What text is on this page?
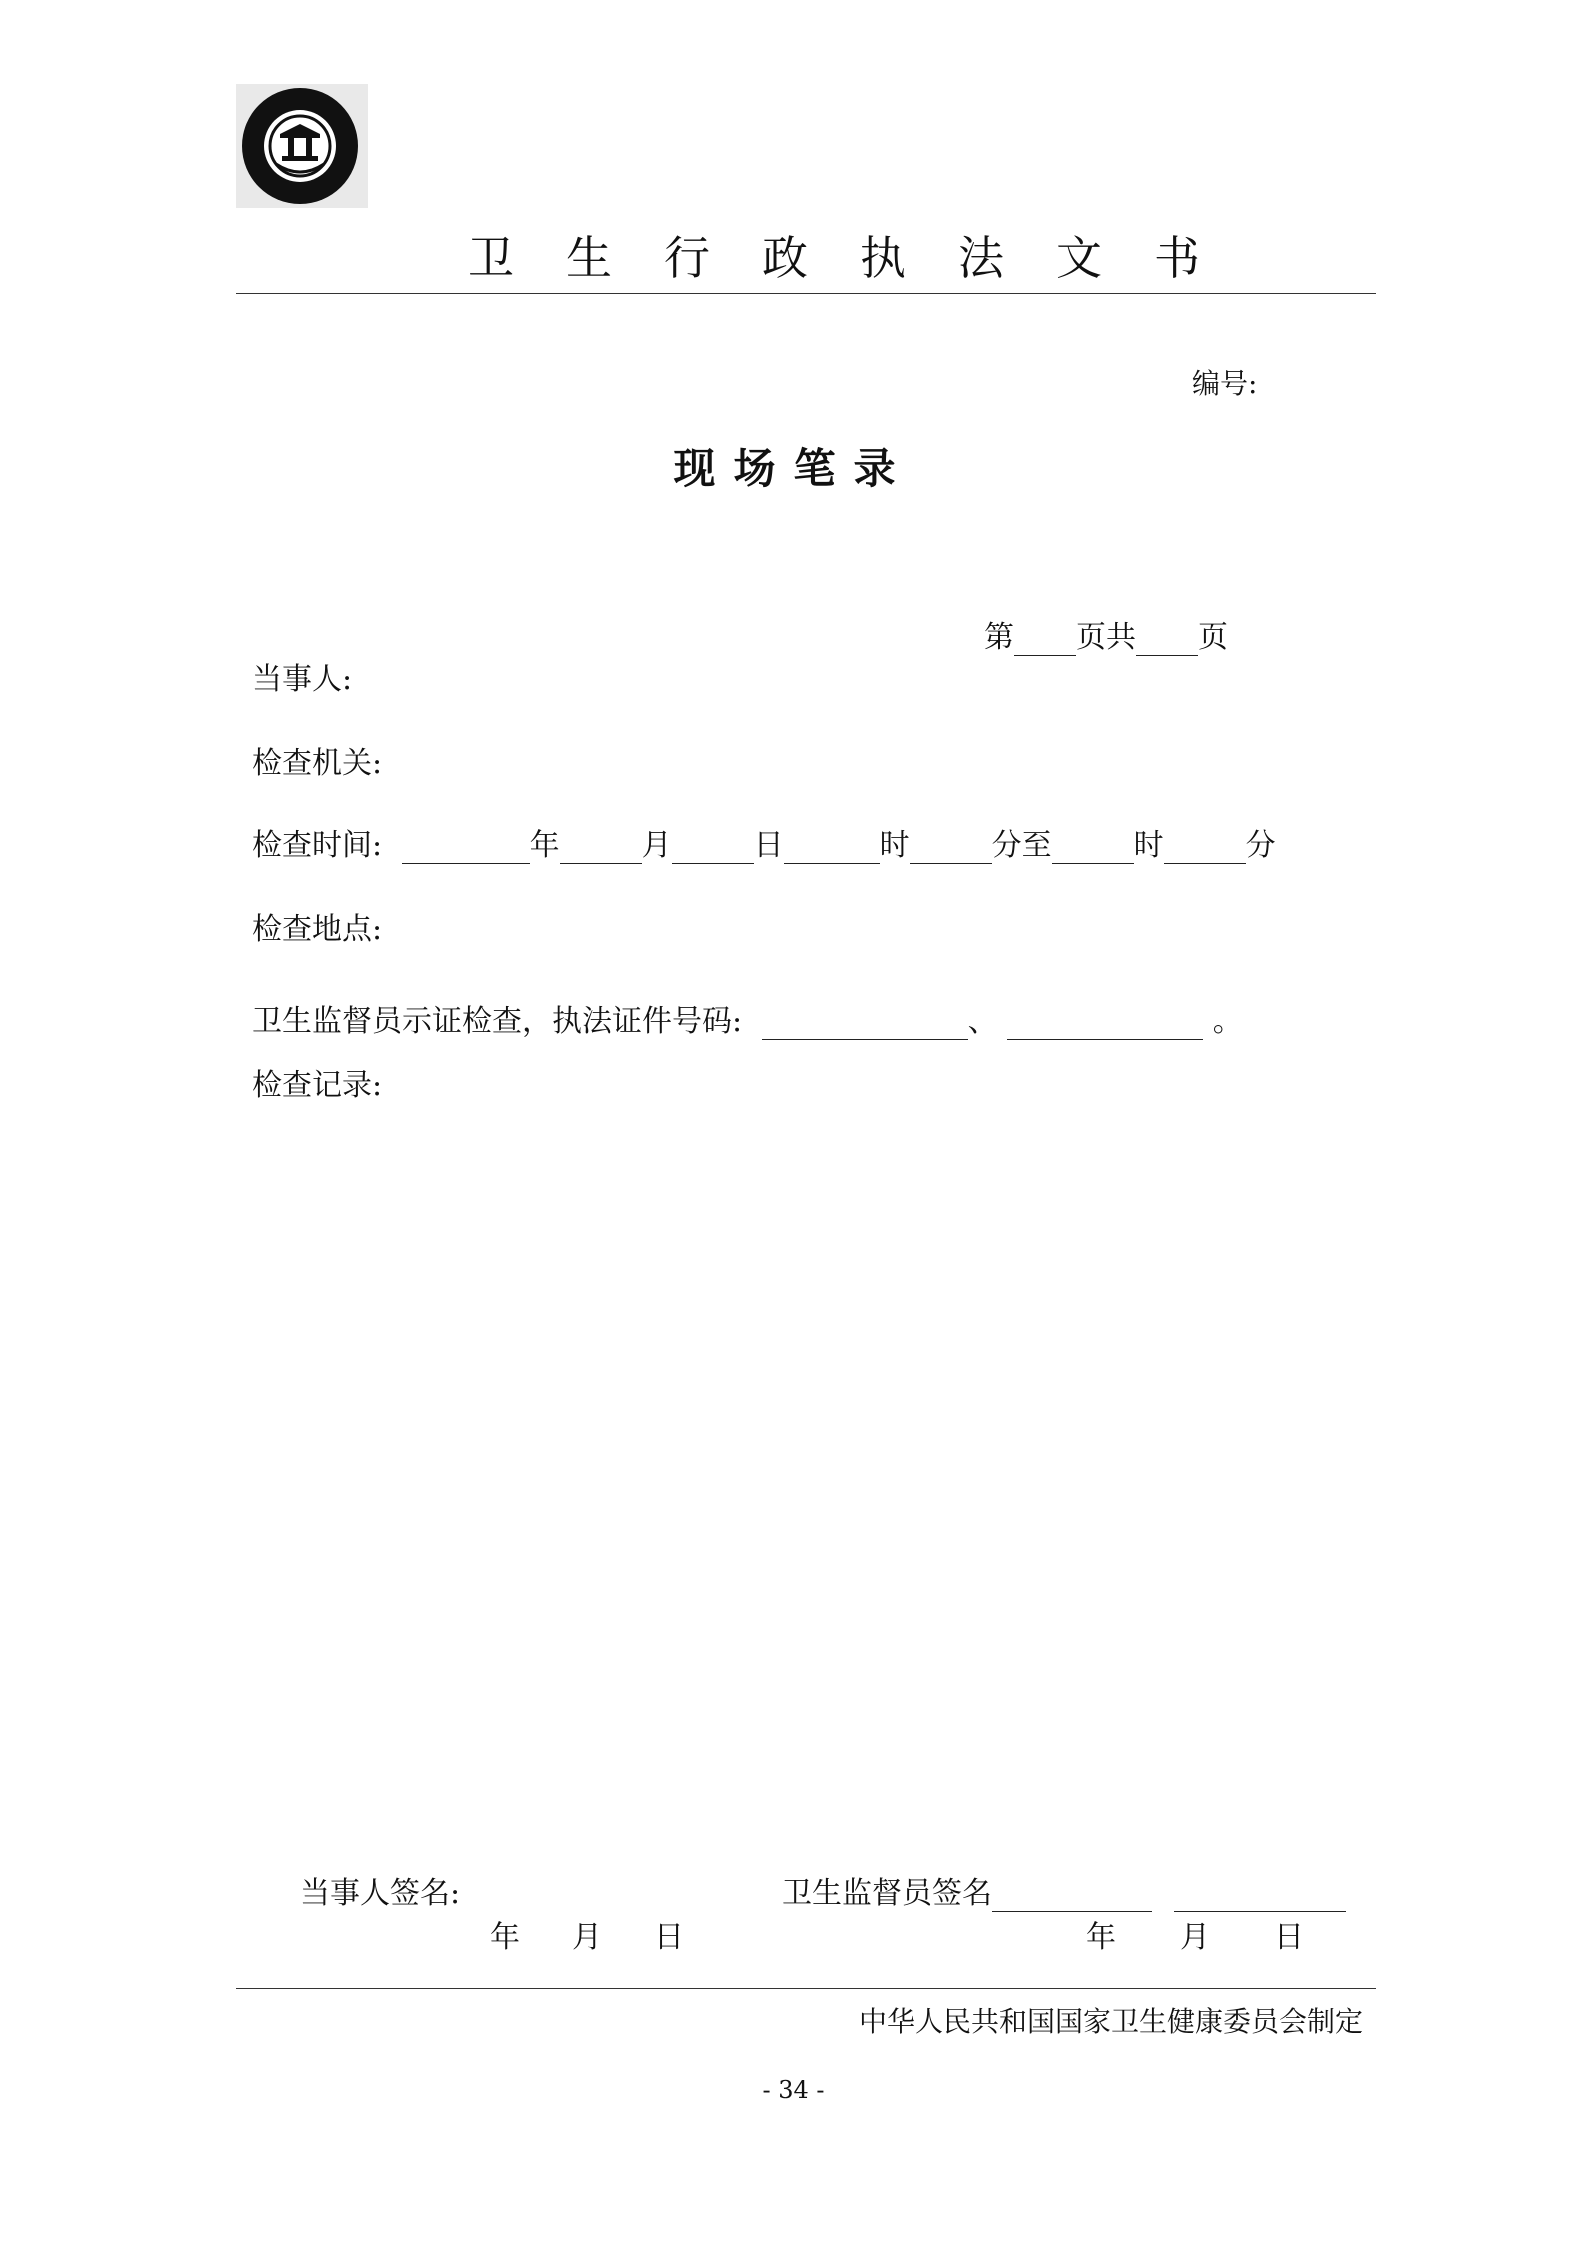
卫生行政执法文书
编号:
现场笔录
第 页共 页
当事人:
检查机关:
检查时间:	年	月	日	时	分至	时	分
检查地点:
卫生监督员示证检查，执法证件号码:	、	。
检查记录:
当事人签名:	卫生监督员签名
年 月 日	年 月 日
中华人民共和国国家卫生健康委员会制定
- 34 -
